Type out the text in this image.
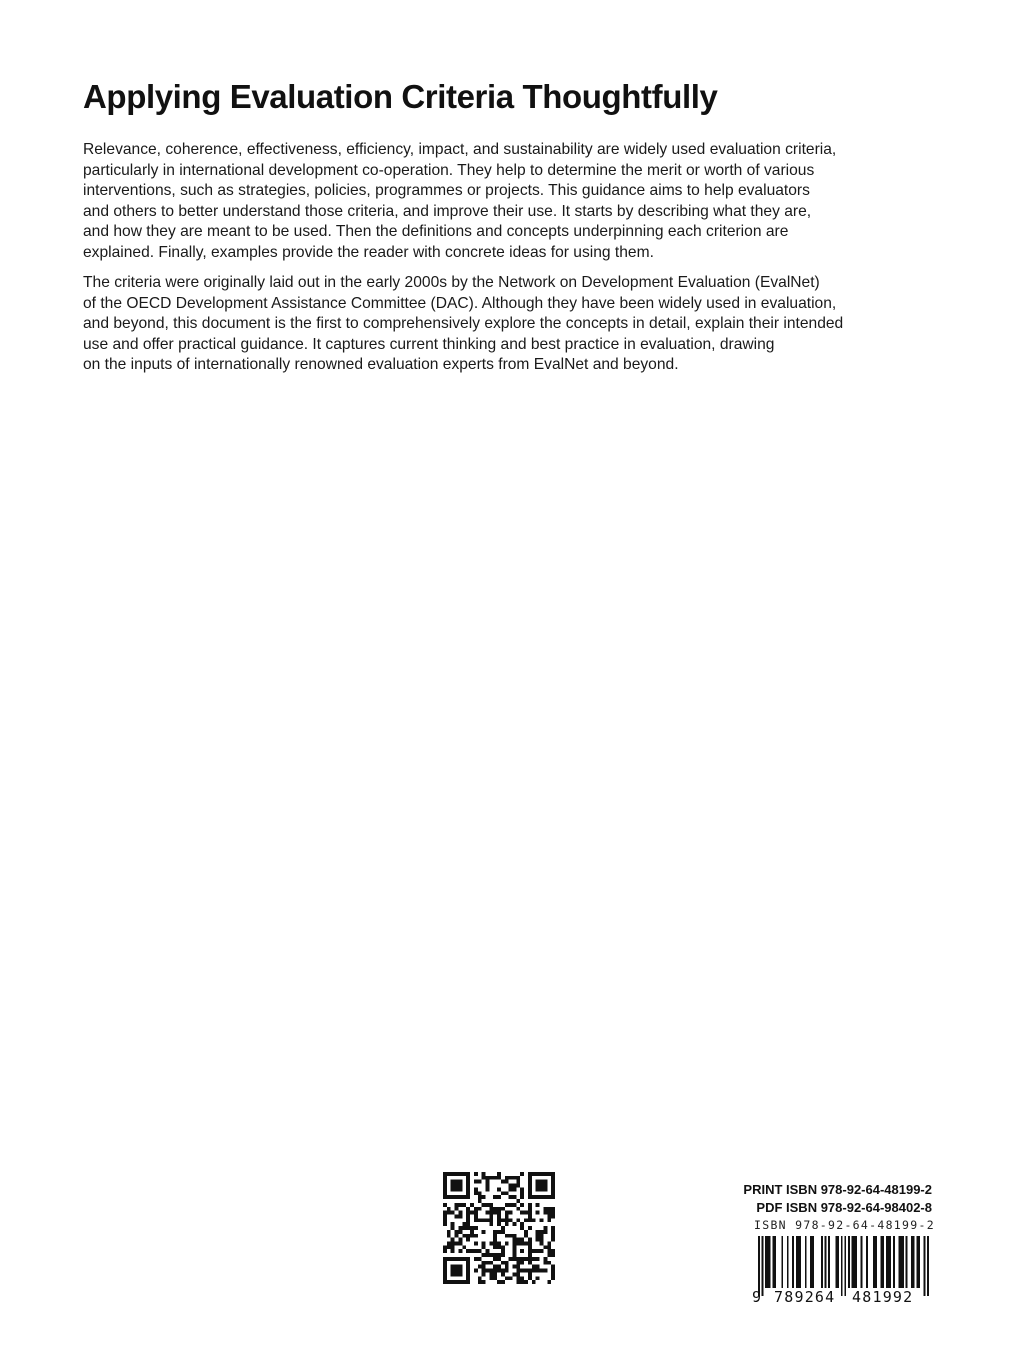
Applying Evaluation Criteria Thoughtfully

Relevance, coherence, effectiveness, efficiency, impact, and sustainability are widely used evaluation criteria,
particularly in international development co-operation. They help to determine the merit or worth of various
interventions, such as strategies, policies, programmes or projects. This guidance aims to help evaluators
and others to better understand those criteria, and improve their use. It starts by describing what they are,
and how they are meant to be used. Then the definitions and concepts underpinning each criterion are
explained. Finally, examples provide the reader with concrete ideas for using them.

The criteria were originally laid out in the early 2000s by the Network on Development Evaluation (EvalNet)
of the OECD Development Assistance Committee (DAC). Although they have been widely used in evaluation,
and beyond, this document is the first to comprehensively explore the concepts in detail, explain their intended
use and offer practical guidance. It captures current thinking and best practice in evaluation, drawing
on the inputs of internationally renowned evaluation experts from EvalNet and beyond.

PRINT ISBN 978-92-64-48199-2
PDF ISBN 978-92-64-98402-8
ISBN 978-92-64-48199-2
9 789264 481992
